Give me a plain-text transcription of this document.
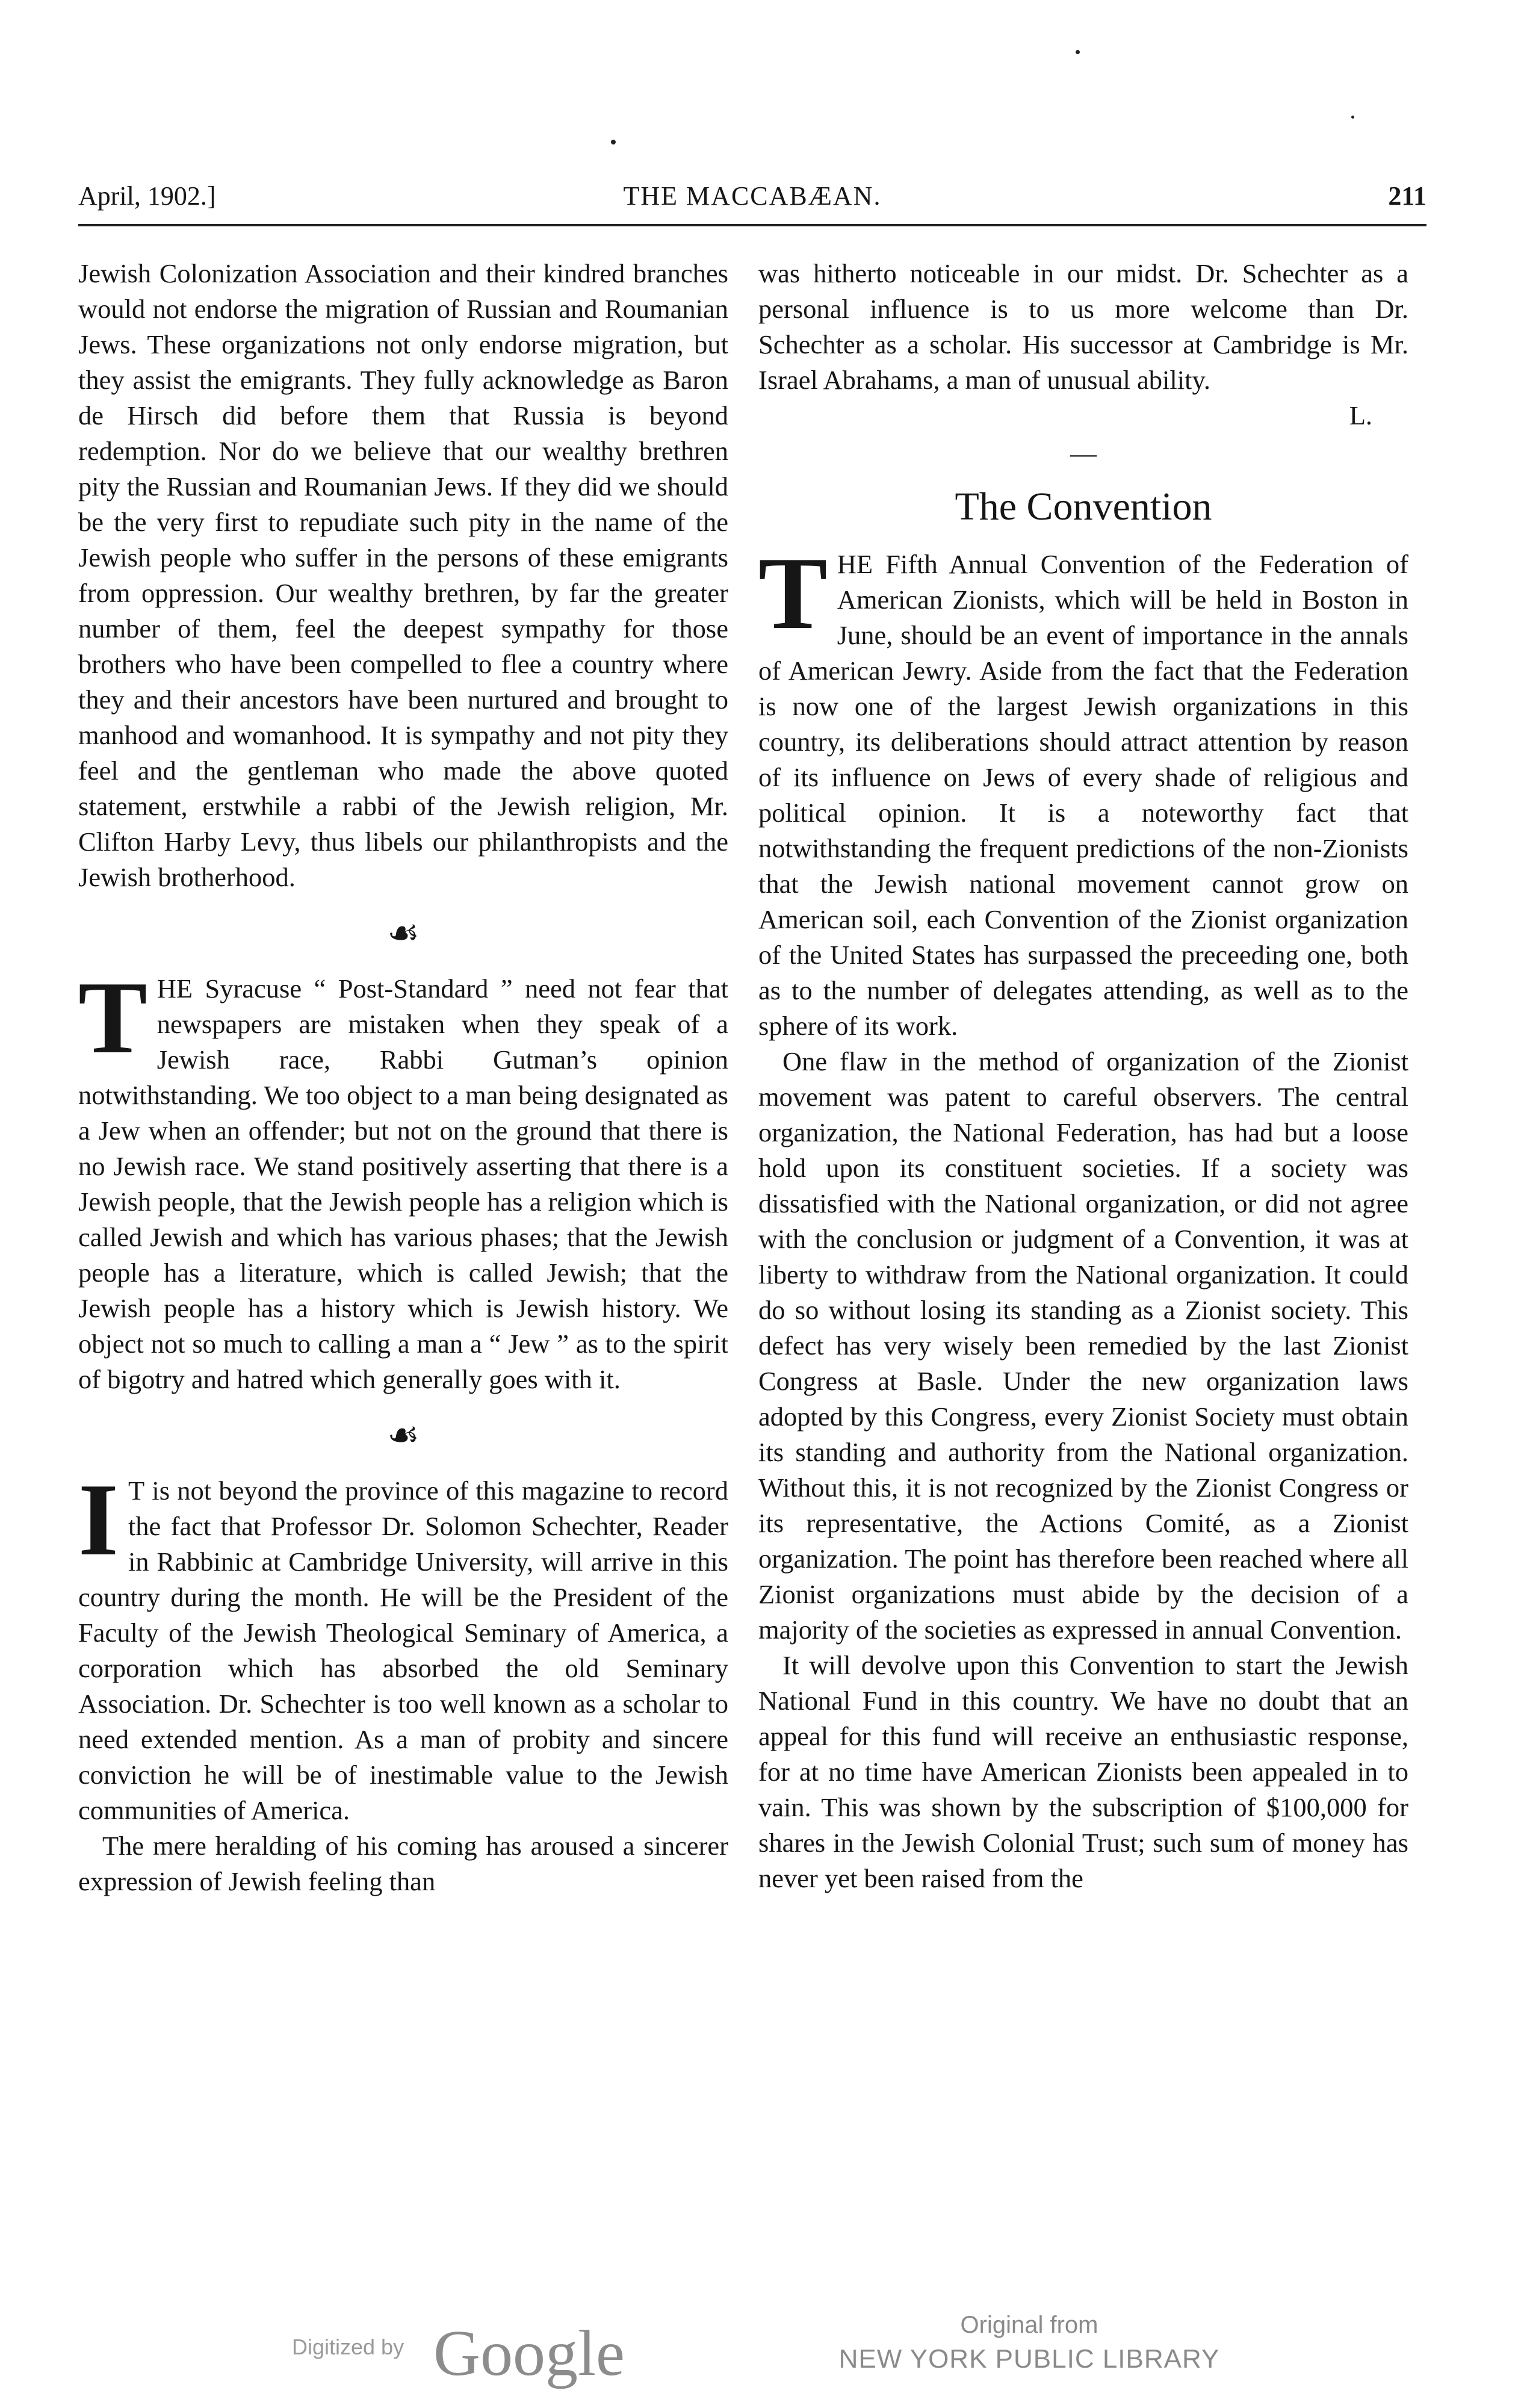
April, 1902.]	THE MACCABÆAN.	211

Jewish Colonization Association and their kindred branches would not endorse the migration of Russian and Roumanian Jews. These organizations not only endorse migration, but they assist the emigrants. They fully acknowledge as Baron de Hirsch did before them that Russia is beyond redemption. Nor do we believe that our wealthy brethren pity the Russian and Roumanian Jews. If they did we should be the very first to repudiate such pity in the name of the Jewish people who suffer in the persons of these emigrants from oppression. Our wealthy brethren, by far the greater number of them, feel the deepest sympathy for those brothers who have been compelled to flee a country where they and their ancestors have been nurtured and brought to manhood and womanhood. It is sympathy and not pity they feel and the gentleman who made the above quoted statement, erstwhile a rabbi of the Jewish religion, Mr. Clifton Harby Levy, thus libels our philanthropists and the Jewish brotherhood.

☙

THE Syracuse “ Post-Standard ” need not fear that newspapers are mistaken when they speak of a Jewish race, Rabbi Gutman’s opinion notwithstanding. We too object to a man being designated as a Jew when an offender; but not on the ground that there is no Jewish race. We stand positively asserting that there is a Jewish people, that the Jewish people has a religion which is called Jewish and which has various phases; that the Jewish people has a literature, which is called Jewish; that the Jewish people has a history which is Jewish history. We object not so much to calling a man a “ Jew ” as to the spirit of bigotry and hatred which generally goes with it.

☙

I T is not beyond the province of this magazine to record the fact that Professor Dr. Solomon Schechter, Reader in Rabbinic at Cambridge University, will arrive in this country during the month. He will be the President of the Faculty of the Jewish Theological Seminary of America, a corporation which has absorbed the old Seminary Association. Dr. Schechter is too well known as a scholar to need extended mention. As a man of probity and sincere conviction he will be of inestimable value to the Jewish communities of America.

The mere heralding of his coming has aroused a sincerer expression of Jewish feeling than

was hitherto noticeable in our midst. Dr. Schechter as a personal influence is to us more welcome than Dr. Schechter as a scholar. His successor at Cambridge is Mr. Israel Abrahams, a man of unusual ability.

L.

—
The Convention

THE Fifth Annual Convention of the Federation of American Zionists, which will be held in Boston in June, should be an event of importance in the annals of American Jewry. Aside from the fact that the Federation is now one of the largest Jewish organizations in this country, its deliberations should attract attention by reason of its influence on Jews of every shade of religious and political opinion. It is a noteworthy fact that notwithstanding the frequent predictions of the non-Zionists that the Jewish national movement cannot grow on American soil, each Convention of the Zionist organization of the United States has surpassed the preceeding one, both as to the number of delegates attending, as well as to the sphere of its work.

One flaw in the method of organization of the Zionist movement was patent to careful observers. The central organization, the National Federation, has had but a loose hold upon its constituent societies. If a society was dissatisfied with the National organization, or did not agree with the conclusion or judgment of a Convention, it was at liberty to withdraw from the National organization. It could do so without losing its standing as a Zionist society. This defect has very wisely been remedied by the last Zionist Congress at Basle. Under the new organization laws adopted by this Congress, every Zionist Society must obtain its standing and authority from the National organization. Without this, it is not recognized by the Zionist Congress or its representative, the Actions Comité, as a Zionist organization. The point has therefore been reached where all Zionist organizations must abide by the decision of a majority of the societies as expressed in annual Convention.

It will devolve upon this Convention to start the Jewish National Fund in this country. We have no doubt that an appeal for this fund will receive an enthusiastic response, for at no time have American Zionists been appealed in to vain. This was shown by the subscription of $100,000 for shares in the Jewish Colonial Trust; such sum of money has never yet been raised from the

Digitized by Google	Original from
NEW YORK PUBLIC LIBRARY
